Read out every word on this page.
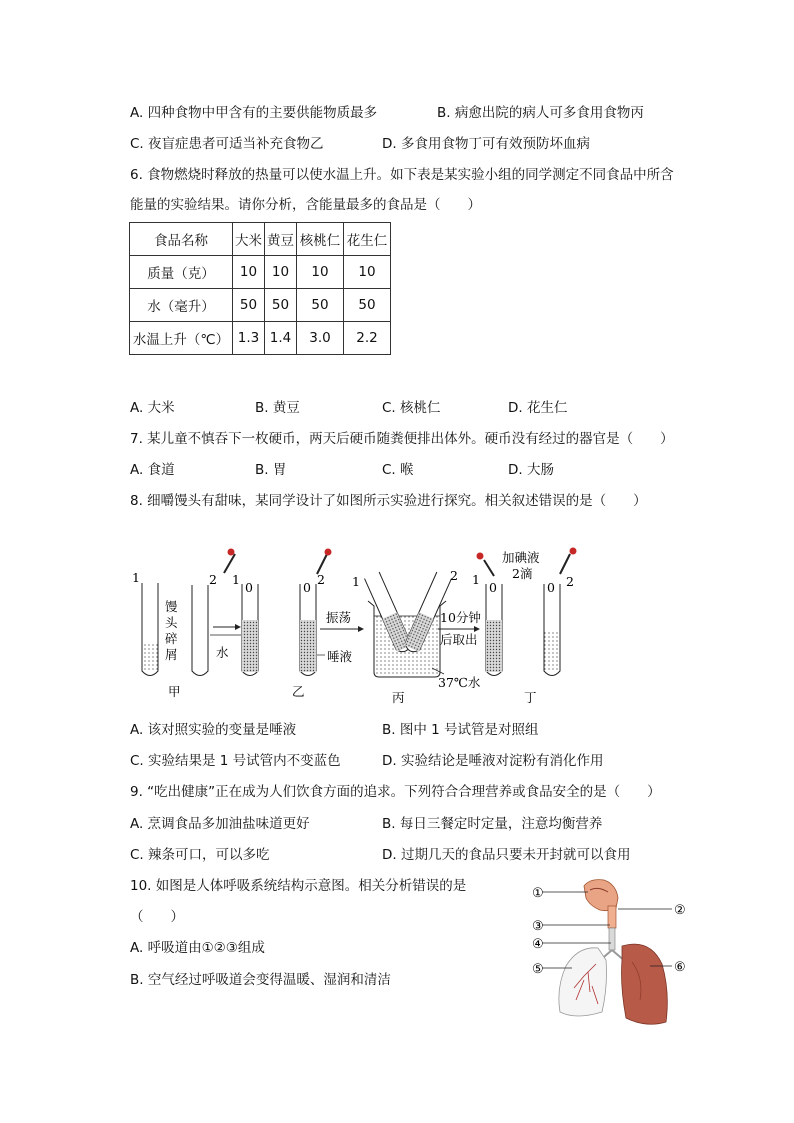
A. 四种食物中甲含有的主要供能物质最多	B. 病愈出院的病人可多食用食物丙
C. 夜盲症患者可适当补充食物乙	D. 多食用食物丁可有效预防坏血病
6. 食物燃烧时释放的热量可以使水温上升。如下表是某实验小组的同学测定不同食品中所含
能量的实验结果。请你分析，含能量最多的食品是（　　）
食品名称	大米	黄豆	核桃仁	花生仁
质量（克）	10	10	10	10
水（毫升）	50	50	50	50
水温上升（℃）	1.3	1.4	3.0	2.2
A. 大米	B. 黄豆	C. 核桃仁	D. 花生仁
7. 某儿童不慎吞下一枚硬币，两天后硬币随粪便排出体外。硬币没有经过的器官是（　　）
A. 食道	B. 胃	C. 喉	D. 大肠
8. 细嚼馒头有甜味，某同学设计了如图所示实验进行探究。相关叙述错误的是（　　）
1	2
馒
头
碎
屑
甲
0
1
水
0
2
唾液
乙
振荡
1	2
37℃水
丙
10分钟
后取出
0
1
0 2
加碘液
2滴
丁
A. 该对照实验的变量是唾液	B. 图中 1 号试管是对照组
C. 实验结果是 1 号试管内不变蓝色	D. 实验结论是唾液对淀粉有消化作用
9. “吃出健康”正在成为人们饮食方面的追求。下列符合合理营养或食品安全的是（　　）
A. 烹调食品多加油盐味道更好	B. 每日三餐定时定量，注意均衡营养
C. 辣条可口，可以多吃	D. 过期几天的食品只要未开封就可以食用
10. 如图是人体呼吸系统结构示意图。相关分析错误的是
（　　）
A. 呼吸道由①②③组成
B. 空气经过呼吸道会变得温暖、湿润和清洁
①
②
③
④
⑤	⑥
